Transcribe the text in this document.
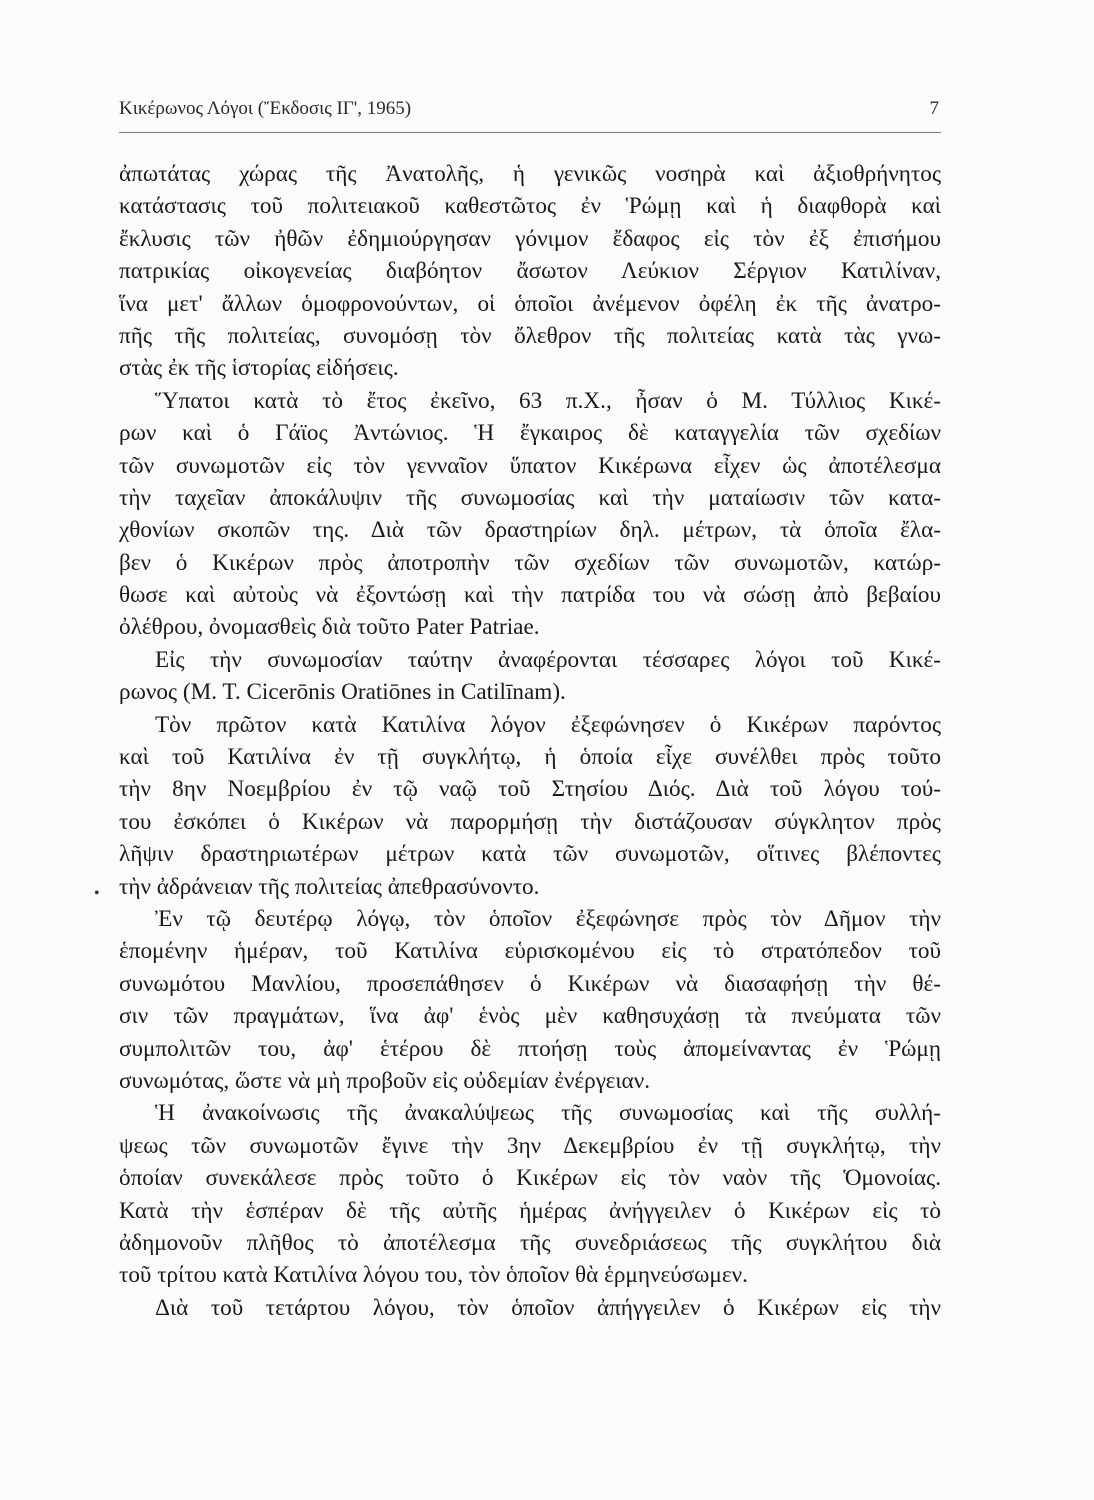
Κικέρωνος Λόγοι (Ἔκδοσις ΙΓ', 1965)	7
•
ἀπωτάτας χώρας τῆς Ἀνατολῆς, ἡ γενικῶς νοσηρὰ καὶ ἀξιοθρήνητος
κατάστασις τοῦ πολιτειακοῦ καθεστῶτος ἐν Ῥώμῃ καὶ ἡ διαφθορὰ καὶ
ἔκλυσις τῶν ἠθῶν ἐδημιούργησαν γόνιμον ἔδαφος εἰς τὸν ἐξ ἐπισήμου
πατρικίας οἰκογενείας διαβόητον ἄσωτον Λεύκιον Σέργιον Κατιλίναν,
ἵνα μετ' ἄλλων ὁμοφρονούντων, οἱ ὁποῖοι ἀνέμενον ὀφέλη ἐκ τῆς ἀνατρο-
πῆς τῆς πολιτείας, συνομόσῃ τὸν ὄλεθρον τῆς πολιτείας κατὰ τὰς γνω-
στὰς ἐκ τῆς ἱστορίας εἰδήσεις.
Ὕπατοι κατὰ τὸ ἔτος ἐκεῖνο, 63 π.Χ., ἦσαν ὁ Μ. Τύλλιος Κικέ-
ρων καὶ ὁ Γάϊος Ἀντώνιος. Ἡ ἔγκαιρος δὲ καταγγελία τῶν σχεδίων
τῶν συνωμοτῶν εἰς τὸν γενναῖον ὕπατον Κικέρωνα εἶχεν ὡς ἀποτέλεσμα
τὴν ταχεῖαν ἀποκάλυψιν τῆς συνωμοσίας καὶ τὴν ματαίωσιν τῶν κατα-
χθονίων σκοπῶν της. Διὰ τῶν δραστηρίων δηλ. μέτρων, τὰ ὁποῖα ἔλα-
βεν ὁ Κικέρων πρὸς ἀποτροπὴν τῶν σχεδίων τῶν συνωμοτῶν, κατώρ-
θωσε καὶ αὐτοὺς νὰ ἐξοντώσῃ καὶ τὴν πατρίδα του νὰ σώσῃ ἀπὸ βεβαίου
ὀλέθρου, ὀνομασθεὶς διὰ τοῦτο Pater Patriae.
Εἰς τὴν συνωμοσίαν ταύτην ἀναφέρονται τέσσαρες λόγοι τοῦ Κικέ-
ρωνος (M. T. Cicerōnis Oratiōnes in Catilīnam).
Τὸν πρῶτον κατὰ Κατιλίνα λόγον ἐξεφώνησεν ὁ Κικέρων παρόντος
καὶ τοῦ Κατιλίνα ἐν τῇ συγκλήτῳ, ἡ ὁποία εἶχε συνέλθει πρὸς τοῦτο
τὴν 8ην Νοεμβρίου ἐν τῷ ναῷ τοῦ Στησίου Διός. Διὰ τοῦ λόγου τού-
του ἐσκόπει ὁ Κικέρων νὰ παρορμήσῃ τὴν διστάζουσαν σύγκλητον πρὸς
λῆψιν δραστηριωτέρων μέτρων κατὰ τῶν συνωμοτῶν, οἵτινες βλέποντες
τὴν ἀδράνειαν τῆς πολιτείας ἀπεθρασύνοντο.
Ἐν τῷ δευτέρῳ λόγῳ, τὸν ὁποῖον ἐξεφώνησε πρὸς τὸν Δῆμον τὴν
ἑπομένην ἡμέραν, τοῦ Κατιλίνα εὑρισκομένου εἰς τὸ στρατόπεδον τοῦ
συνωμότου Μανλίου, προσεπάθησεν ὁ Κικέρων νὰ διασαφήσῃ τὴν θέ-
σιν τῶν πραγμάτων, ἵνα ἀφ' ἑνὸς μὲν καθησυχάσῃ τὰ πνεύματα τῶν
συμπολιτῶν του, ἀφ' ἑτέρου δὲ πτοήσῃ τοὺς ἀπομείναντας ἐν Ῥώμῃ
συνωμότας, ὥστε νὰ μὴ προβοῦν εἰς οὐδεμίαν ἐνέργειαν.
Ἡ ἀνακοίνωσις τῆς ἀνακαλύψεως τῆς συνωμοσίας καὶ τῆς συλλή-
ψεως τῶν συνωμοτῶν ἔγινε τὴν 3ην Δεκεμβρίου ἐν τῇ συγκλήτῳ, τὴν
ὁποίαν συνεκάλεσε πρὸς τοῦτο ὁ Κικέρων εἰς τὸν ναὸν τῆς Ὁμονοίας.
Κατὰ τὴν ἑσπέραν δὲ τῆς αὐτῆς ἡμέρας ἀνήγγειλεν ὁ Κικέρων εἰς τὸ
ἀδημονοῦν πλῆθος τὸ ἀποτέλεσμα τῆς συνεδριάσεως τῆς συγκλήτου διὰ
τοῦ τρίτου κατὰ Κατιλίνα λόγου του, τὸν ὁποῖον θὰ ἑρμηνεύσωμεν.
Διὰ τοῦ τετάρτου λόγου, τὸν ὁποῖον ἀπήγγειλεν ὁ Κικέρων εἰς τὴν
